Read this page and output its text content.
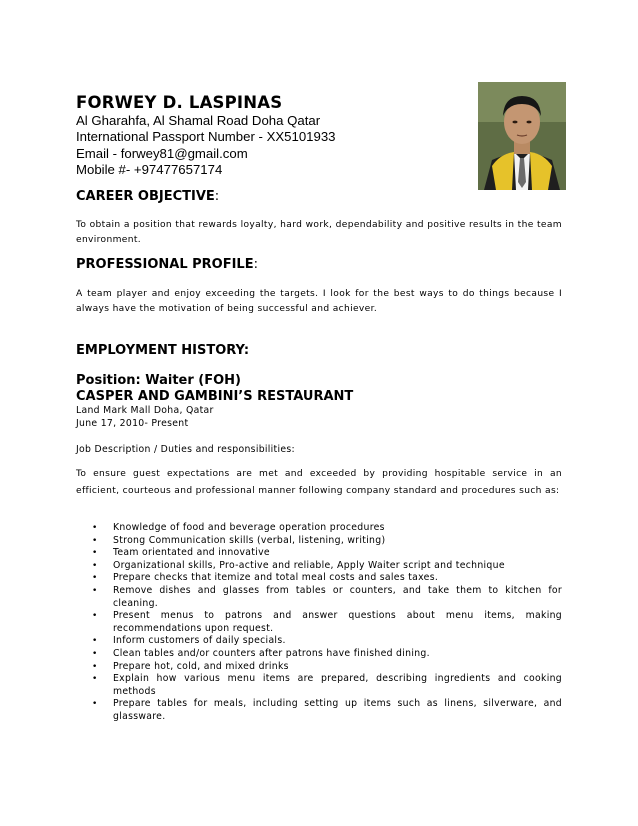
FORWEY D. LASPINAS
Al Gharahfa, Al Shamal Road Doha Qatar
International Passport Number - XX5101933
Email - forwey81@gmail.com
Mobile #- +97477657174
CAREER OBJECTIVE:
To obtain a position that rewards loyalty, hard work, dependability and positive results in the team environment.
PROFESSIONAL PROFILE:
A team player and enjoy exceeding the targets. I look for the best ways to do things because I always have the motivation of being successful and achiever.
EMPLOYMENT HISTORY:
Position: Waiter (FOH)
CASPER AND GAMBINI’S RESTAURANT
Land Mark Mall Doha, Qatar
June 17, 2010- Present
Job Description / Duties and responsibilities:
To ensure guest expectations are met and exceeded by providing hospitable service in an efficient, courteous and professional manner following company standard and procedures such as:
• Knowledge of food and beverage operation procedures
• Strong Communication skills (verbal, listening, writing)
• Team orientated and innovative
• Organizational skills, Pro-active and reliable, Apply Waiter script and technique
• Prepare checks that itemize and total meal costs and sales taxes.
• Remove dishes and glasses from tables or counters, and take them to kitchen for cleaning.
• Present menus to patrons and answer questions about menu items, making recommendations upon request.
• Inform customers of daily specials.
• Clean tables and/or counters after patrons have finished dining.
• Prepare hot, cold, and mixed drinks
• Explain how various menu items are prepared, describing ingredients and cooking methods
• Prepare tables for meals, including setting up items such as linens, silverware, and glassware.
